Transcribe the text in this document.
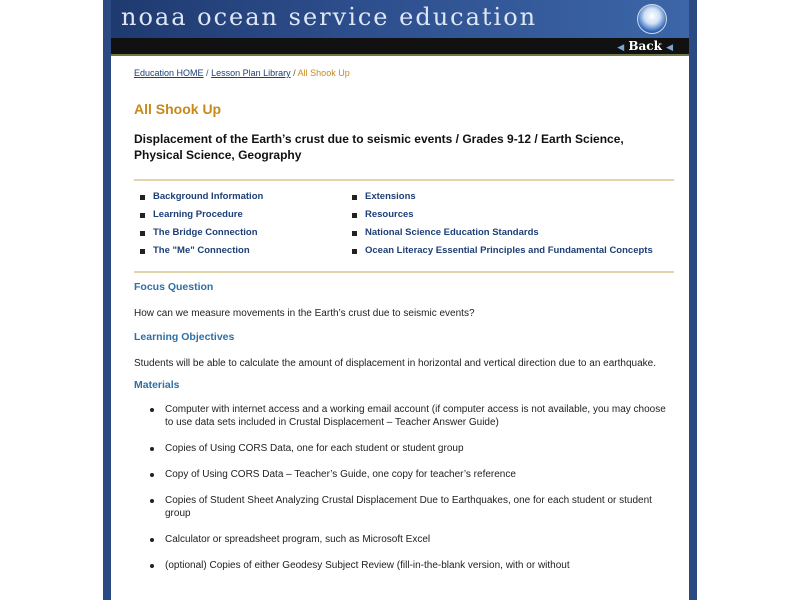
noaa ocean service education
◀ Back ◀
Education HOME / Lesson Plan Library / All Shook Up
All Shook Up
Displacement of the Earth’s crust due to seismic events / Grades 9-12 / Earth Science, Physical Science, Geography
Background Information
Learning Procedure
The Bridge Connection
The "Me" Connection
Extensions
Resources
National Science Education Standards
Ocean Literacy Essential Principles and Fundamental Concepts
Focus Question

How can we measure movements in the Earth’s crust due to seismic events?

Learning Objectives

Students will be able to calculate the amount of displacement in horizontal and vertical direction due to an earthquake.

Materials
Computer with internet access and a working email account (if computer access is not available, you may choose to use data sets included in Crustal Displacement – Teacher Answer Guide)
Copies of Using CORS Data, one for each student or student group
Copy of Using CORS Data – Teacher’s Guide, one copy for teacher’s reference
Copies of Student Sheet Analyzing Crustal Displacement Due to Earthquakes, one for each student or student group
Calculator or spreadsheet program, such as Microsoft Excel
(optional) Copies of either Geodesy Subject Review (fill-in-the-blank version, with or without
